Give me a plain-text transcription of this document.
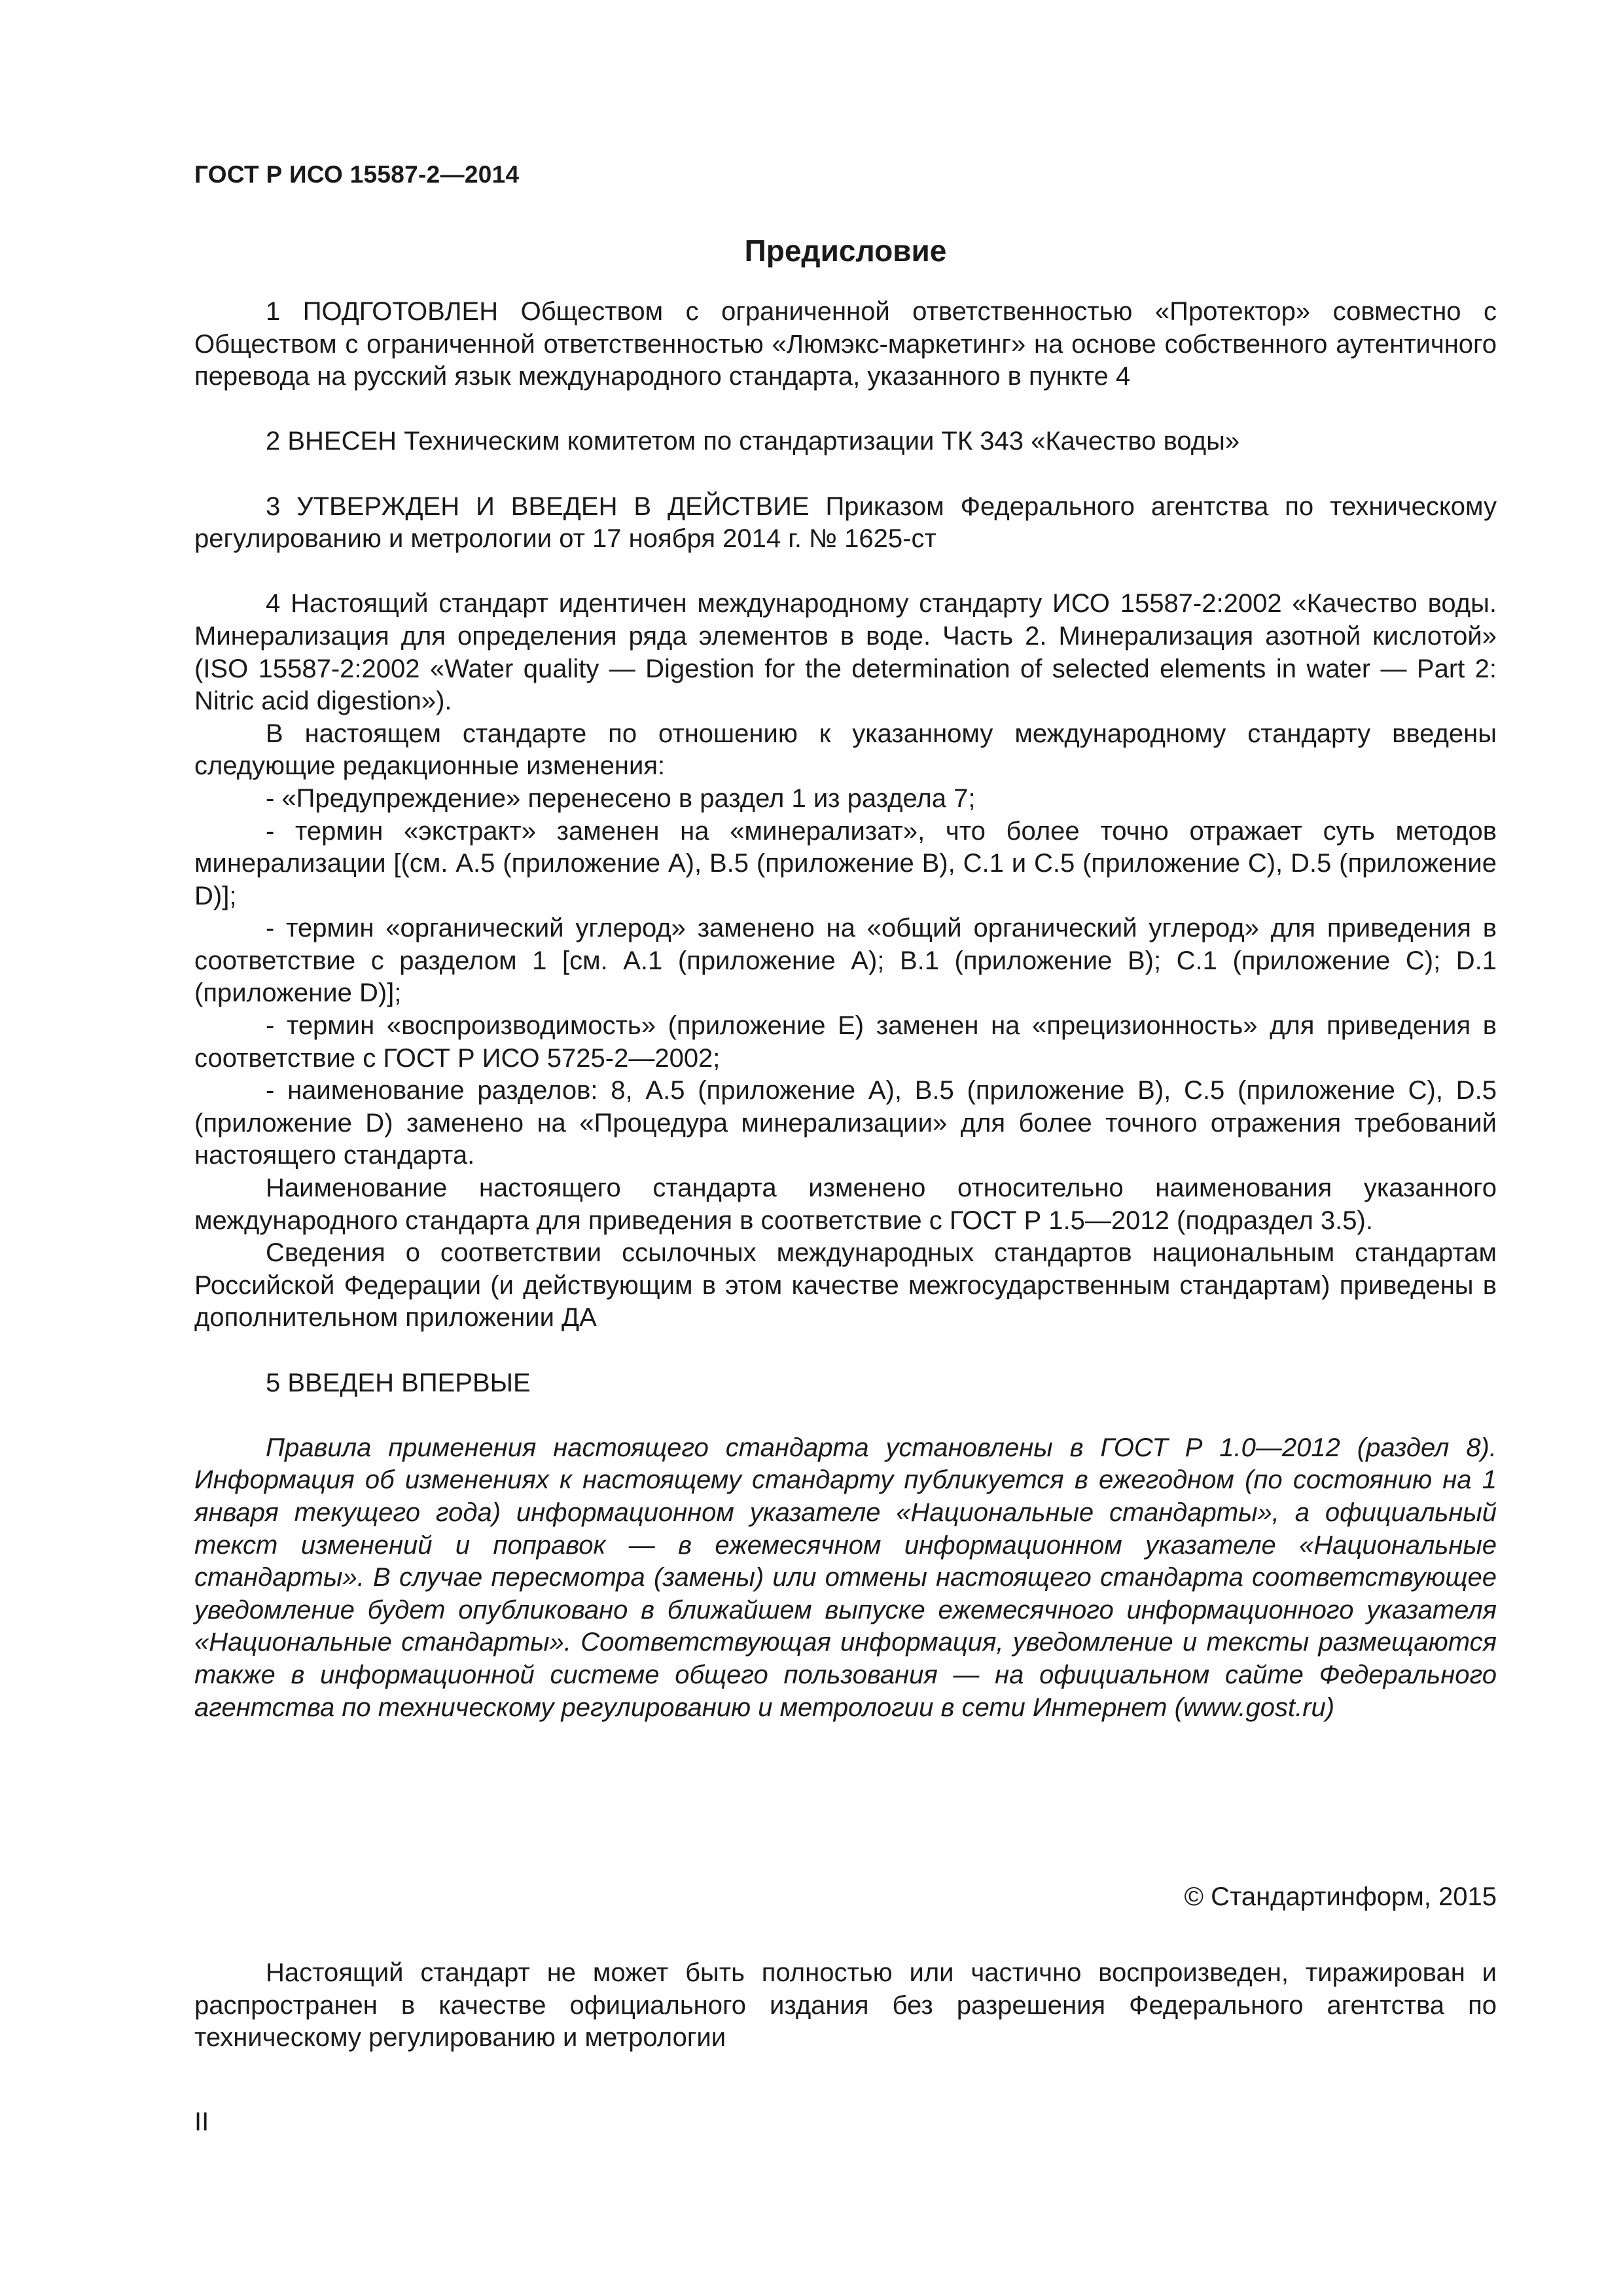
ГОСТ Р ИСО 15587-2—2014
Предисловие

1 ПОДГОТОВЛЕН Обществом с ограниченной ответственностью «Протектор» совместно с Обществом с ограниченной ответственностью «Люмэкс-маркетинг» на основе собственного аутентичного перевода на русский язык международного стандарта, указанного в пункте 4

2 ВНЕСЕН Техническим комитетом по стандартизации ТК 343 «Качество воды»

3 УТВЕРЖДЕН И ВВЕДЕН В ДЕЙСТВИЕ Приказом Федерального агентства по техническому регулированию и метрологии от 17 ноября 2014 г. № 1625-ст

4 Настоящий стандарт идентичен международному стандарту ИСО 15587-2:2002 «Качество воды. Минерализация для определения ряда элементов в воде. Часть 2. Минерализация азотной кислотой» (ISO 15587-2:2002 «Water quality — Digestion for the determination of selected elements in water — Part 2: Nitric acid digestion»).

В настоящем стандарте по отношению к указанному международному стандарту введены следующие редакционные изменения:

- «Предупреждение» перенесено в раздел 1 из раздела 7;

- термин «экстракт» заменен на «минерализат», что более точно отражает суть методов минерализации [(см. А.5 (приложение А), В.5 (приложение В), С.1 и С.5 (приложение С), D.5 (приложение D)];

- термин «органический углерод» заменено на «общий органический углерод» для приведения в соответствие с разделом 1 [см. А.1 (приложение А); В.1 (приложение В); С.1 (приложение С); D.1 (приложение D)];

- термин «воспроизводимость» (приложение Е) заменен на «прецизионность» для приведения в соответствие с ГОСТ Р ИСО 5725-2—2002;

- наименование разделов: 8, А.5 (приложение А), В.5 (приложение В), С.5 (приложение С), D.5 (приложение D) заменено на «Процедура минерализации» для более точного отражения требований настоящего стандарта.

Наименование настоящего стандарта изменено относительно наименования указанного международного стандарта для приведения в соответствие с ГОСТ Р 1.5—2012 (подраздел 3.5).

Сведения о соответствии ссылочных международных стандартов национальным стандартам Российской Федерации (и действующим в этом качестве межгосударственным стандартам) приведены в дополнительном приложении ДА

5 ВВЕДЕН ВПЕРВЫЕ

Правила применения настоящего стандарта установлены в ГОСТ Р 1.0—2012 (раздел 8). Информация об изменениях к настоящему стандарту публикуется в ежегодном (по состоянию на 1 января текущего года) информационном указателе «Национальные стандарты», а официальный текст изменений и поправок — в ежемесячном информационном указателе «Национальные стандарты». В случае пересмотра (замены) или отмены настоящего стандарта соответствующее уведомление будет опубликовано в ближайшем выпуске ежемесячного информационного указателя «Национальные стандарты». Соответствующая информация, уведомление и тексты размещаются также в информационной системе общего пользования — на официальном сайте Федерального агентства по техническому регулированию и метрологии в сети Интернет (www.gost.ru)

© Стандартинформ, 2015

Настоящий стандарт не может быть полностью или частично воспроизведен, тиражирован и распространен в качестве официального издания без разрешения Федерального агентства по техническому регулированию и метрологии

II
